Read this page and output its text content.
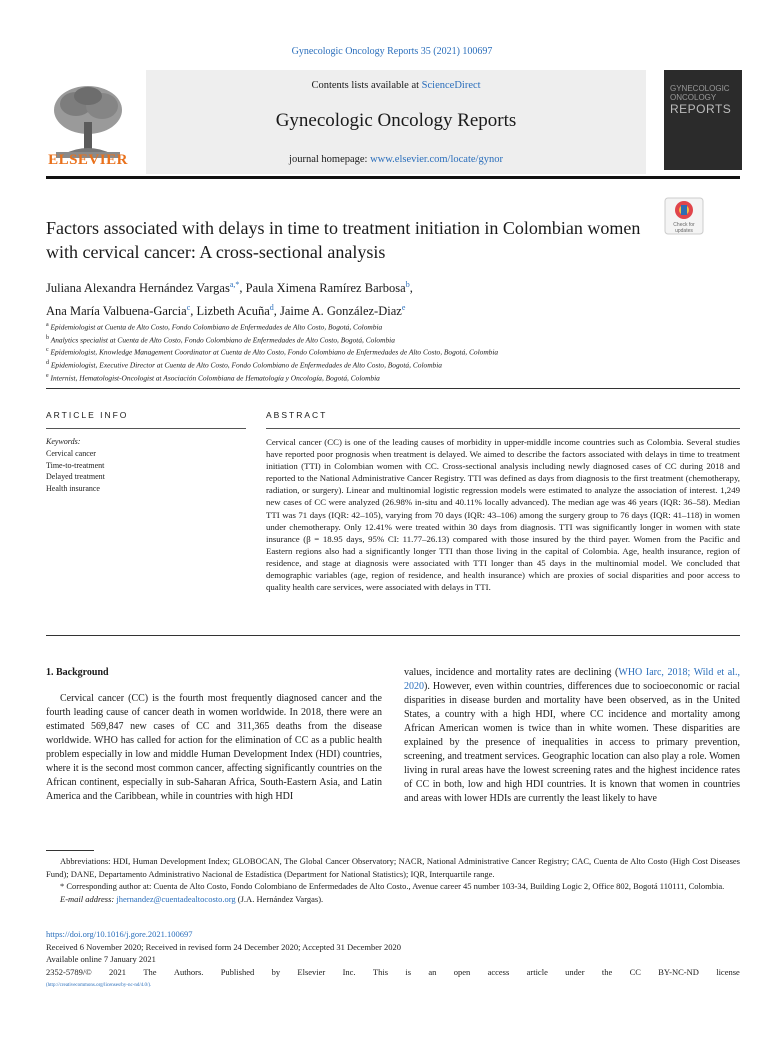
Gynecologic Oncology Reports 35 (2021) 100697
ELSEVIER
Contents lists available at ScienceDirect
Gynecologic Oncology Reports
journal homepage: www.elsevier.com/locate/gynor
GYNECOLOGIC
ONCOLOGY
REPORTS
Factors associated with delays in time to treatment initiation in Colombian women with cervical cancer: A cross-sectional analysis
Check for
updates
Juliana Alexandra Hernández Vargas$^{a,*}$, Paula Ximena Ramírez Barbosa$^b$,
Ana María Valbuena-Garcia$^c$, Lizbeth Acuña$^d$, Jaime A. González-Diaz$^e$
$^a$ Epidemiologist at Cuenta de Alto Costo, Fondo Colombiano de Enfermedades de Alto Costo, Bogotá, Colombia
$^b$ Analytics specialist at Cuenta de Alto Costo, Fondo Colombiano de Enfermedades de Alto Costo, Bogotá, Colombia
$^c$ Epidemiologist, Knowledge Management Coordinator at Cuenta de Alto Costo, Fondo Colombiano de Enfermedades de Alto Costo, Bogotá, Colombia
$^d$ Epidemiologist, Executive Director at Cuenta de Alto Costo, Fondo Colombiano de Enfermedades de Alto Costo, Bogotá, Colombia
$^e$ Internist, Hematologist-Oncologist at Asociación Colombiana de Hematología y Oncología, Bogotá, Colombia
ARTICLE INFO	ABSTRACT
Keywords:
Cervical cancer
Time-to-treatment
Delayed treatment
Health insurance
Cervical cancer (CC) is one of the leading causes of morbidity in upper-middle income countries such as Colombia. Several studies have reported poor prognosis when treatment is delayed. We aimed to describe the factors associated with delays in time to treatment initiation (TTI) in Colombian women with CC. Cross-sectional analysis including newly diagnosed cases of CC during 2018 and reported to the National Administrative Cancer Registry. TTI was defined as days from diagnosis to the first treatment (chemotherapy, radiation, or surgery). Linear and multinomial logistic regression models were estimated to analyze the association of interest. 1,249 new cases of CC were analyzed (26.98% in-situ and 40.11% locally advanced). The median age was 46 years (IQR: 36–58). Median TTI was 71 days (IQR: 42–105), varying from 70 days (IQR: 43–106) among the surgery group to 76 days (IQR: 41–118) in women under chemotherapy. Only 12.41% were treated within 30 days from diagnosis. TTI was significantly longer in women with state insurance (β = 18.95 days, 95% CI: 11.77–26.13) compared with those insured by the third payer. Women from the Pacific and Eastern regions also had a significantly longer TTI than those living in the capital of Colombia. Age, health insurance, region of residence, and stage at diagnosis were associated with TTI longer than 45 days in the multinomial model. We concluded that demographic variables (age, region of residence, and health insurance) which are proxies of social disparities and poor access to quality health care services, were associated with delays in TTI.
1. Background

Cervical cancer (CC) is the fourth most frequently diagnosed cancer and the fourth leading cause of cancer death in women worldwide. In 2018, there were an estimated 569,847 new cases of CC and 311,365 deaths from the disease worldwide. WHO has called for action for the elimination of CC as a public health problem especially in low and middle Human Development Index (HDI) countries, where it is the second most common cancer, affecting significantly countries on the African continent, especially in sub-Saharan Africa, South-Eastern Asia, and Latin America and the Caribbean, while in countries with high HDI

values, incidence and mortality rates are declining (WHO Iarc, 2018; Wild et al., 2020). However, even within countries, differences due to socioeconomic or racial disparities in disease burden and mortality have been observed, as in the United States, a country with a high HDI, where CC incidence and mortality among African American women is twice than in white women. These disparities are explained by the presence of inequalities in access to primary prevention, screening, and treatment services. Geographic location can also play a role. Women living in rural areas have the lowest screening rates and the highest incidence rates of CC in both, low and high HDI countries. It is known that women in countries and areas with lower HDIs are currently the least likely to have

Abbreviations: HDI, Human Development Index; GLOBOCAN, The Global Cancer Observatory; NACR, National Administrative Cancer Registry; CAC, Cuenta de Alto Costo (High Cost Diseases Fund); DANE, Departamento Administrativo Nacional de Estadística (Department for National Statistics); IQR, Interquartile range.

* Corresponding author at: Cuenta de Alto Costo, Fondo Colombiano de Enfermedades de Alto Costo., Avenue career 45 number 103-34, Building Logic 2, Office 802, Bogotá 110111, Colombia.

E-mail address: jhernandez@cuentadealtocosto.org (J.A. Hernández Vargas).

https://doi.org/10.1016/j.gore.2021.100697
Received 6 November 2020; Received in revised form 24 December 2020; Accepted 31 December 2020
Available online 7 January 2021
2352-5789/© 2021 The Authors. Published by Elsevier Inc. This is an open access article under the CC BY-NC-ND license
(http://creativecommons.org/licenses/by-nc-nd/4.0/).
